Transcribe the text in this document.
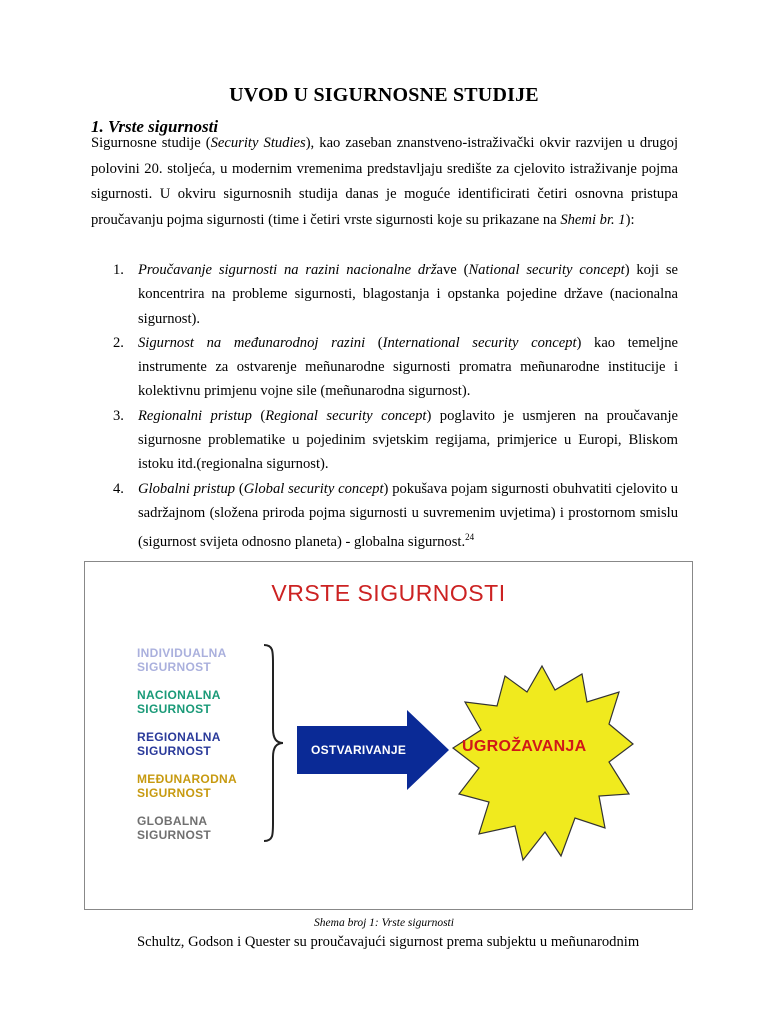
UVOD U SIGURNOSNE STUDIJE
1. Vrste sigurnosti
Sigurnosne studije (Security Studies), kao zaseban znanstveno-istraživački okvir razvijen u drugoj polovini 20. stoljeća, u modernim vremenima predstavljaju središte za cjelovito istraživanje pojma sigurnosti. U okviru sigurnosnih studija danas je moguće identificirati četiri osnovna pristupa proučavanju pojma sigurnosti (time i četiri vrste sigurnosti koje su prikazane na Shemi br. 1):
1. Proučavanje sigurnosti na razini nacionalne države (National security concept) koji se koncentrira na probleme sigurnosti, blagostanja i opstanka pojedine države (nacionalna sigurnost).
2. Sigurnost na međunarodnoj razini (International security concept) kao temeljne instrumente za ostvarenje meñunarodne sigurnosti promatra meñunarodne institucije i kolektivnu primjenu vojne sile (meñunarodna sigurnost).
3. Regionalni pristup (Regional security concept) poglavito je usmjeren na proučavanje sigurnosne problematike u pojedinim svjetskim regijama, primjerice u Europi, Bliskom istoku itd.(regionalna sigurnost).
4. Globalni pristup (Global security concept) pokušava pojam sigurnosti obuhvatiti cjelovito u sadržajnom (složena priroda pojma sigurnosti u suvremenim uvjetima) i prostornom smislu (sigurnost svijeta odnosno planeta) - globalna sigurnost.$^{24}$
VRSTE SIGURNOSTI
INDIVIDUALNA
SIGURNOST
NACIONALNA
SIGURNOST
REGIONALNA
SIGURNOST
MEĐUNARODNA
SIGURNOST
GLOBALNA
SIGURNOST
OSTVARIVANJE	UGROŽAVANJA
Shema broj 1: Vrste sigurnosti
Schultz, Godson i Quester su proučavajući sigurnost prema subjektu u meñunarodnim
